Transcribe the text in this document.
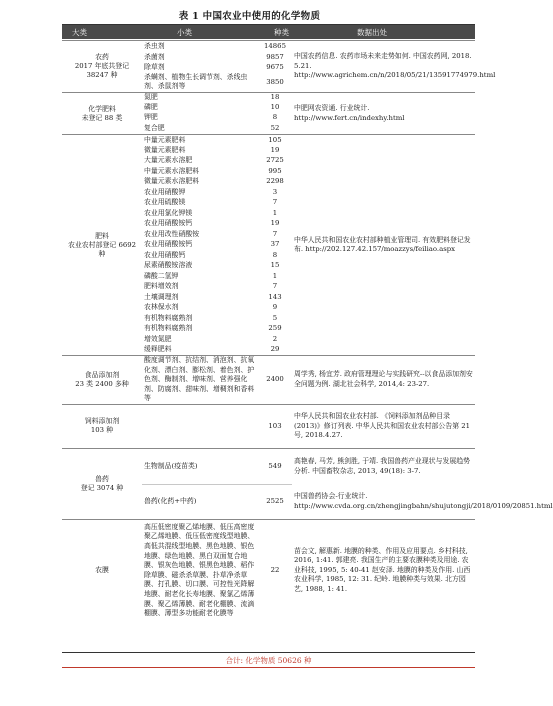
表 1 中国农业中使用的化学物质
大类	小类	种类	数据出处
农药
2017 年底共登记 38247 种	杀虫剂	14865	中国农药信息. 农药市场未来走势如何. 中国农药网, 2018. 5.21. http://www.agrichem.cn/n/2018/05/21/13591774979.html
	杀菌剂	9857	
	除草剂	9675	
	杀螨剂、植物生长调节剂、杀线虫剂、杀鼠剂等	3850	

化学肥料
未登记 88 类	氮肥	18	中肥网农资通. 行业统计. http://www.fert.cn/indexhy.html
	磷肥	10	
	钾肥	8	
	复合肥	52	

肥料
农业农村部登记 6692 种	中量元素肥料	105	中华人民共和国农业农村部种植业管理司. 有效肥料登记发布. http://202.127.42.157/moazzys/feiliao.aspx
	微量元素肥料	19	
	大量元素水溶肥	2725	
	中量元素水溶肥料	995	
	微量元素水溶肥料	2298	
	农业用硝酸钾	3	
	农业用硫酸镁	7	
	农业用氯化钾镁	1	
	农业用硝酸铵钙	19	
	农业用改性硝酸铵	7	
	农业用硝酸铵钙	37	
	农业用硝酸钙	8	
	尿素硝酸铵溶液	15	
	磷酸二氢钾	1	
	肥料增效剂	7	
	土壤调理剂	143	
	农林保水剂	9	
	有机物料腐熟剂	5	
	有机物料腐熟剂	259	
	增效氮肥	2	
	缓释肥料	29	

食品添加剂
23 类 2400 多种	酸度调节剂、抗结剂、消泡剂、抗氧化剂、漂白剂、膨松剂、着色剂、护色剂、酶制剂、增味剂、营养强化剂、防腐剂、甜味剂、增稠剂和香料等	2400	周学秀, 杨宜芳. 政府管理理论与实践研究--以食品添加剂安全问题为例. 湖北社会科学, 2014,4: 23-27.

饲料添加剂
103 种		103	中华人民共和国农业农村部. 《饲料添加剂品种目录(2013)》修订列表. 中华人民共和国农业农村部公告第 21 号, 2018.4.27.

兽药
登记 3074 种	生物制品(疫苗类)	549	高艳春, 马芳, 熊剑胜, 于靖. 我国兽药产业现状与发展趋势分析. 中国畜牧杂志, 2013, 49(18): 3-7.
	兽药(化药+中药)	2525	中国兽药协会-行业统计. http://www.cvda.org.cn/zhengjingbahn/shujutongji/2018/0109/20851.html

农膜	高压低密度聚乙烯地膜、低压高密度聚乙烯地膜、低压低密度线型地膜、高低共混线型地膜、黑色地膜、银色地膜、绿色地膜、黑白双面复合地膜、银灰色地膜、银黑色地膜、稻作除草膜、磁杀杀草膜、扑草净杀草膜、打孔膜、切口膜、可控性光降解地膜、耐老化长寿地膜、聚氯乙烯薄膜、聚乙烯薄膜、耐老化棚膜、流滴棚膜、薄型多功能耐老化膜等	22	苗会文, 解惠新. 地膜的种类、作用及应用要点. 乡村科技, 2016, 1:41. 郭建亮. 我国生产的主要农膜种类及用途. 农业科技, 1995, 5: 40-41 赵安泽. 地膜的种类及作用. 山西农业科学, 1985, 12: 31. 纪岭. 地膜种类与效果. 北方园艺, 1988, 1: 41.
合计: 化学物质 50626 种
